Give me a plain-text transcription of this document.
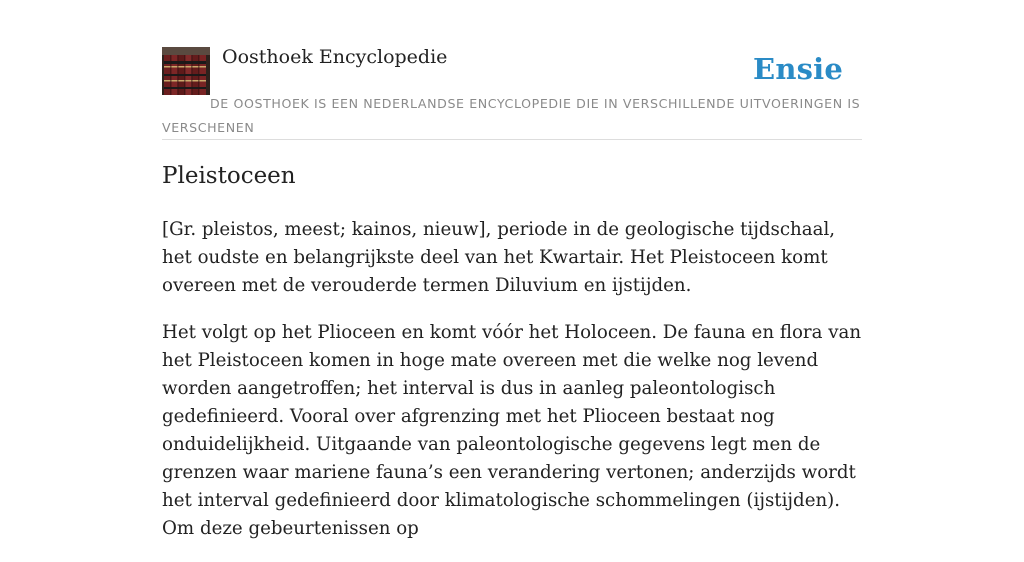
Oosthoek Encyclopedie	Ensie
DE OOSTHOEK IS EEN NEDERLANDSE ENCYCLOPEDIE DIE IN VERSCHILLENDE UITVOERINGEN IS VERSCHENEN
Pleistoceen

[Gr. pleistos, meest; kainos, nieuw], periode in de geologische tijdschaal, het oudste en belangrijkste deel van het Kwartair. Het Pleistoceen komt overeen met de verouderde termen Diluvium en ijstijden.

Het volgt op het Plioceen en komt vóór het Holoceen. De fauna en flora van het Pleistoceen komen in hoge mate overeen met die welke nog levend worden aangetroffen; het interval is dus in aanleg paleontologisch gedefinieerd. Vooral over afgrenzing met het Plioceen bestaat nog onduidelijkheid. Uitgaande van paleontologische gegevens legt men de grenzen waar mariene fauna’s een verandering vertonen; anderzijds wordt het interval gedefinieerd door klimatologische schommelingen (ijstijden). Om deze gebeurtenissen op
